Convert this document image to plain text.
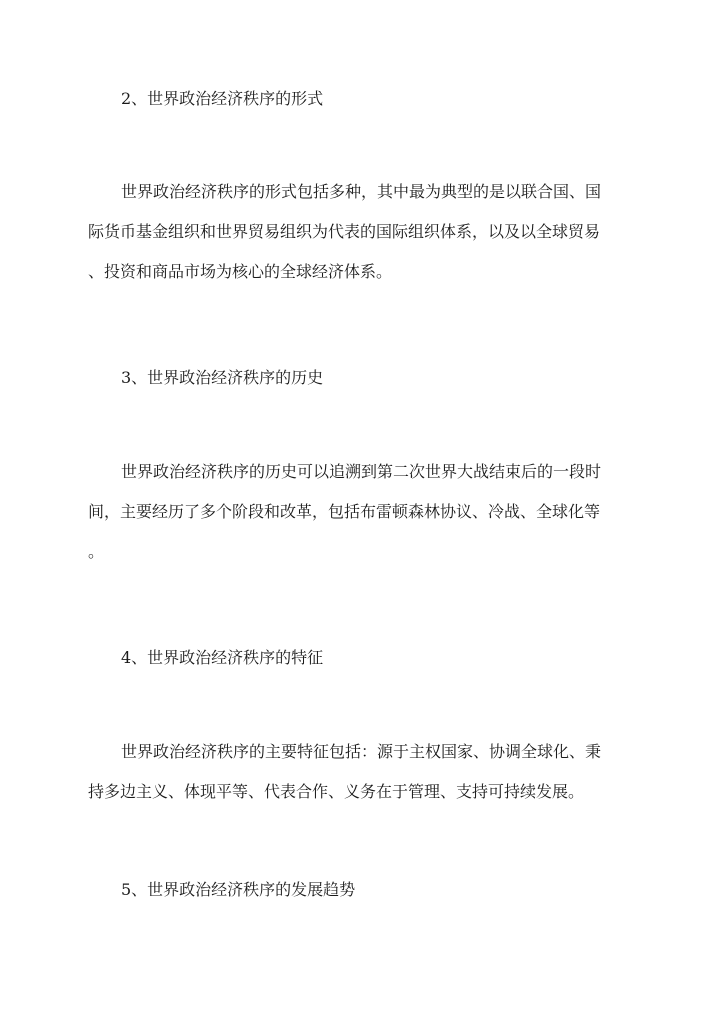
2、世界政治经济秩序的形式
世界政治经济秩序的形式包括多种，其中最为典型的是以联合国、国
际货币基金组织和世界贸易组织为代表的国际组织体系，以及以全球贸易
、投资和商品市场为核心的全球经济体系。
3、世界政治经济秩序的历史
世界政治经济秩序的历史可以追溯到第二次世界大战结束后的一段时
间，主要经历了多个阶段和改革，包括布雷顿森林协议、冷战、全球化等
。
4、世界政治经济秩序的特征
世界政治经济秩序的主要特征包括：源于主权国家、协调全球化、秉
持多边主义、体现平等、代表合作、义务在于管理、支持可持续发展。
5、世界政治经济秩序的发展趋势
